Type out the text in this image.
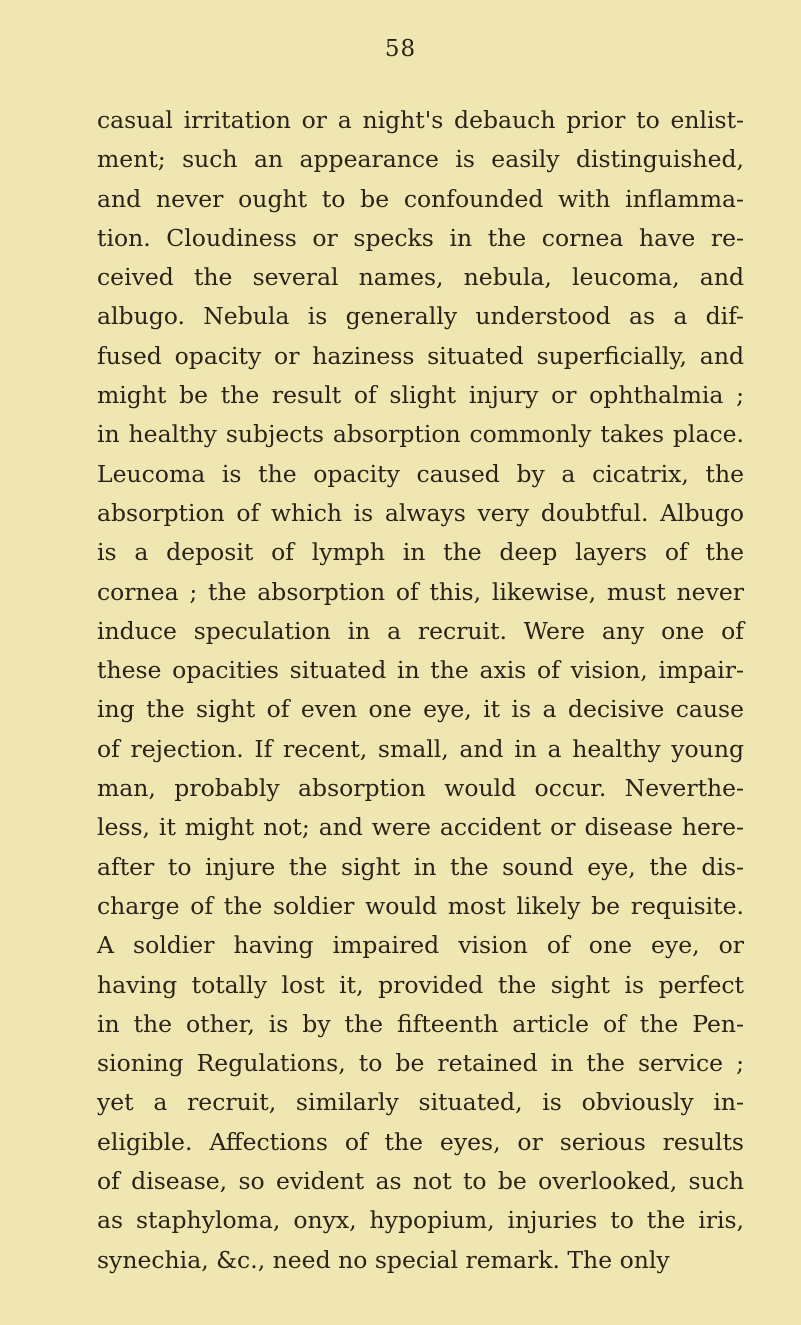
58
casual irritation or a night's debauch prior to enlist-
ment; such an appearance is easily distinguished,
and never ought to be confounded with inflamma-
tion. Cloudiness or specks in the cornea have re-
ceived the several names, nebula, leucoma, and
albugo. Nebula is generally understood as a dif-
fused opacity or haziness situated superficially, and
might be the result of slight injury or ophthalmia ;
in healthy subjects absorption commonly takes place.
Leucoma is the opacity caused by a cicatrix, the
absorption of which is always very doubtful. Albugo
is a deposit of lymph in the deep layers of the
cornea ; the absorption of this, likewise, must never
induce speculation in a recruit. Were any one of
these opacities situated in the axis of vision, impair-
ing the sight of even one eye, it is a decisive cause
of rejection. If recent, small, and in a healthy young
man, probably absorption would occur. Neverthe-
less, it might not; and were accident or disease here-
after to injure the sight in the sound eye, the dis-
charge of the soldier would most likely be requisite.
A soldier having impaired vision of one eye, or
having totally lost it, provided the sight is perfect
in the other, is by the fifteenth article of the Pen-
sioning Regulations, to be retained in the service ;
yet a recruit, similarly situated, is obviously in-
eligible. Affections of the eyes, or serious results
of disease, so evident as not to be overlooked, such
as staphyloma, onyx, hypopium, injuries to the iris,
synechia, &c., need no special remark. The only
